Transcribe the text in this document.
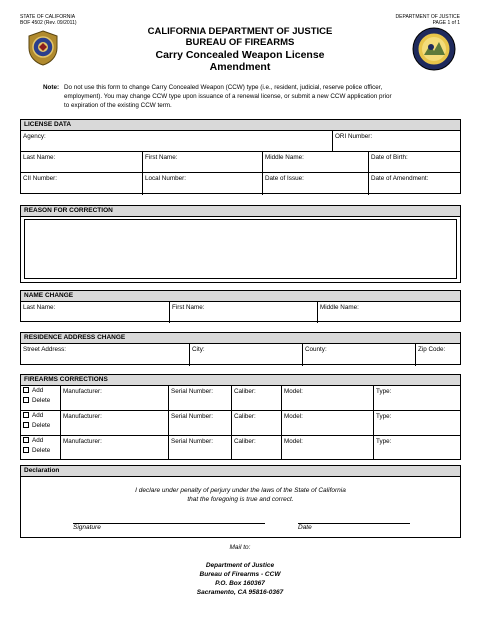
STATE OF CALIFORNIA
BOF 4502 (Rev. 09/2011)
DEPARTMENT OF JUSTICE
PAGE 1 of 1
CALIFORNIA DEPARTMENT OF JUSTICE
BUREAU OF FIREARMS
Carry Concealed Weapon License
Amendment
Note: Do not use this form to change Carry Concealed Weapon (CCW) type (i.e., resident, judicial, reserve police officer,
employment). You may change CCW type upon issuance of a renewal license, or submit a new CCW application prior
to expiration of the existing CCW term.
LICENSE DATA
Agency:	ORI Number:
Last Name:	First Name:	Middle Name:	Date of Birth:
CII Number:	Local Number:	Date of Issue:	Date of Amendment:
REASON FOR CORRECTION
NAME CHANGE
Last Name:	First Name:	Middle Name:
RESIDENCE ADDRESS CHANGE
Street Address:	City:	County:	Zip Code:
FIREARMS CORRECTIONS
Add
Delete
Manufacturer:	Serial Number:	Caliber:	Model:	Type:
Add
Delete
Manufacturer:	Serial Number:	Caliber:	Model:	Type:
Add
Delete
Manufacturer:	Serial Number:	Caliber:	Model:	Type:
Declaration
I declare under penalty of perjury under the laws of the State of California
that the foregoing is true and correct.
Signature	Date
Mail to:
Department of Justice
Bureau of Firearms - CCW
P.O. Box 160367
Sacramento, CA 95816-0367
